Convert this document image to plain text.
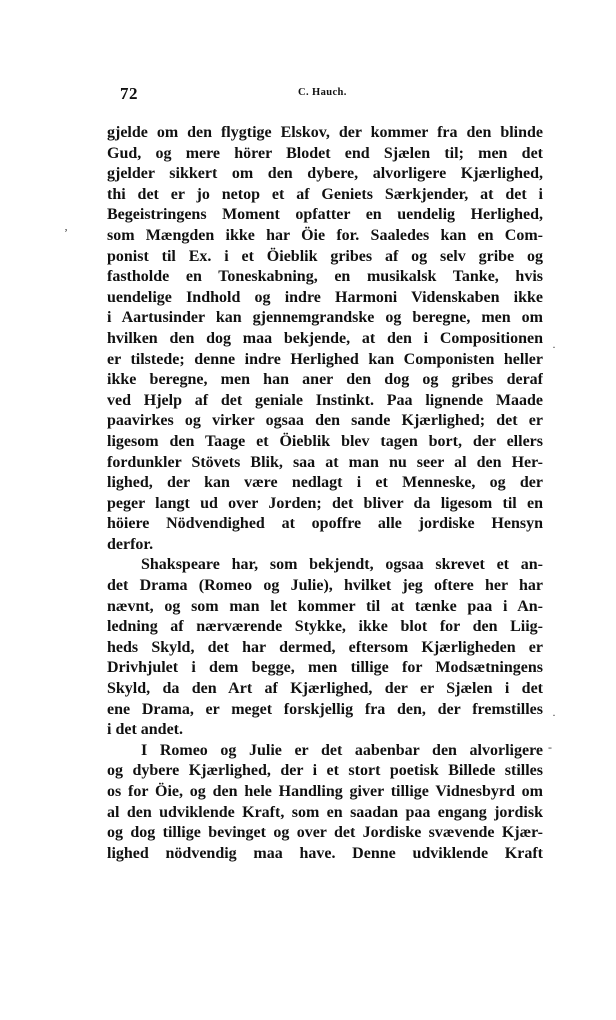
72	C. Hauch.
gjelde om den flygtige Elskov, der kommer fra den blinde
Gud, og mere hörer Blodet end Sjælen til; men det
gjelder sikkert om den dybere, alvorligere Kjærlighed,
thi det er jo netop et af Geniets Særkjender, at det i
Begeistringens Moment opfatter en uendelig Herlighed,
som Mængden ikke har Öie for. Saaledes kan en Com-
ponist til Ex. i et Öieblik gribes af og selv gribe og
fastholde en Toneskabning, en musikalsk Tanke, hvis
uendelige Indhold og indre Harmoni Videnskaben ikke
i Aartusinder kan gjennemgrandske og beregne, men om
hvilken den dog maa bekjende, at den i Compositionen
er tilstede; denne indre Herlighed kan Componisten heller
ikke beregne, men han aner den dog og gribes deraf
ved Hjelp af det geniale Instinkt. Paa lignende Maade
paavirkes og virker ogsaa den sande Kjærlighed; det er
ligesom den Taage et Öieblik blev tagen bort, der ellers
fordunkler Stövets Blik, saa at man nu seer al den Her-
lighed, der kan være nedlagt i et Menneske, og der
peger langt ud over Jorden; det bliver da ligesom til en
höiere Nödvendighed at opoffre alle jordiske Hensyn
derfor.
Shakspeare har, som bekjendt, ogsaa skrevet et an-
det Drama (Romeo og Julie), hvilket jeg oftere her har
nævnt, og som man let kommer til at tænke paa i An-
ledning af nærværende Stykke, ikke blot for den Liig-
heds Skyld, det har dermed, eftersom Kjærligheden er
Drivhjulet i dem begge, men tillige for Modsætningens
Skyld, da den Art af Kjærlighed, der er Sjælen i det
ene Drama, er meget forskjellig fra den, der fremstilles
i det andet.
I Romeo og Julie er det aabenbar den alvorligere
og dybere Kjærlighed, der i et stort poetisk Billede stilles
os for Öie, og den hele Handling giver tillige Vidnesbyrd om
al den udviklende Kraft, som en saadan paa engang jordisk
og dog tillige bevinget og over det Jordiske svævende Kjær-
lighed nödvendig maa have. Denne udviklende Kraft
ʼ
·
·
-
